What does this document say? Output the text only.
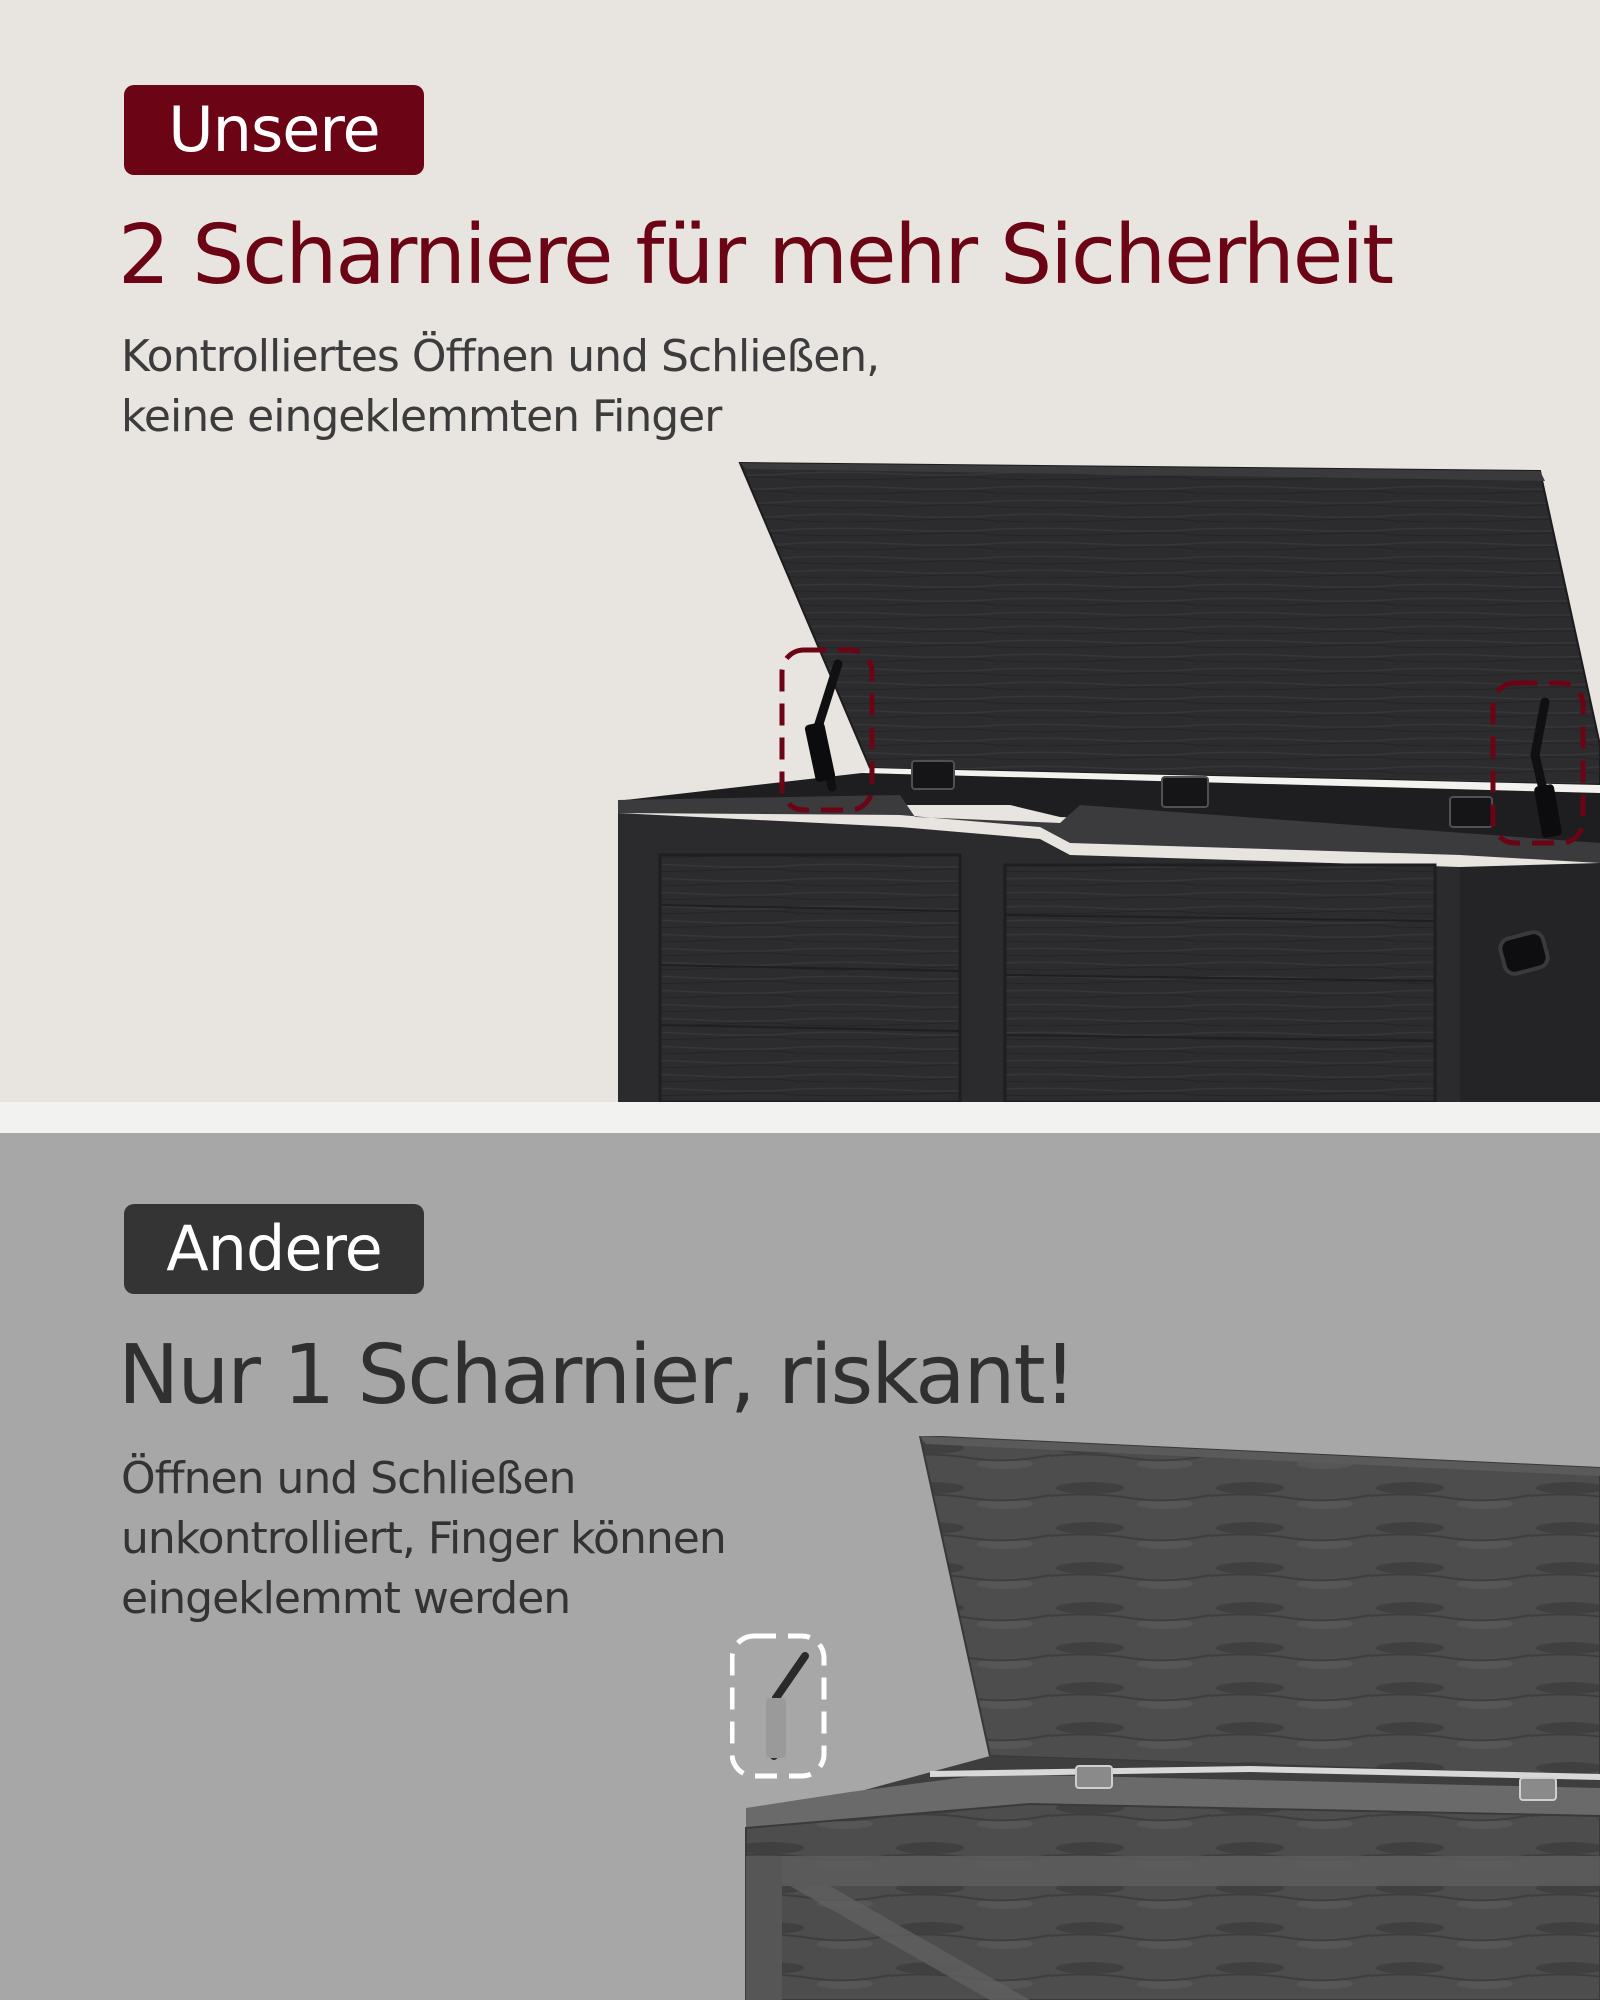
Unsere
2 Scharniere für mehr Sicherheit

Kontrolliertes Öffnen und Schließen,
keine eingeklemmten Finger

Andere
Nur 1 Scharnier, riskant!

Öffnen und Schließen
unkontrolliert, Finger können
eingeklemmt werden
